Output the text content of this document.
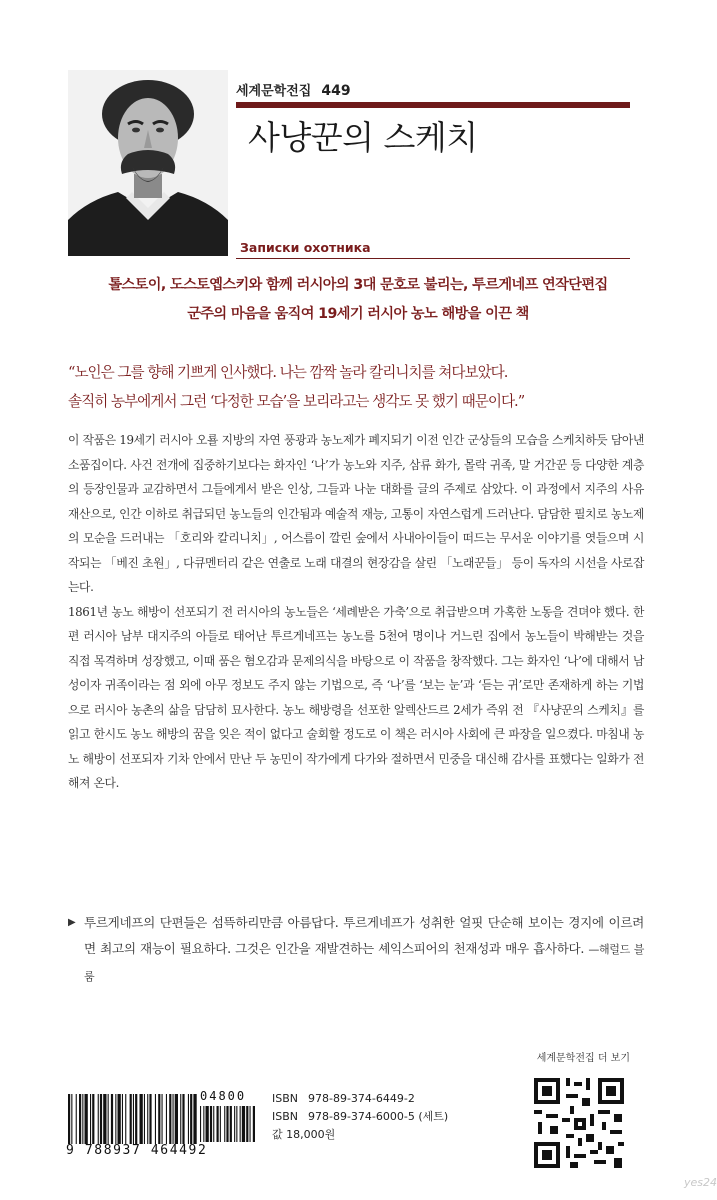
세계문학전집 449
사냥꾼의 스케치
Записки охотника
톨스토이, 도스토옙스키와 함께 러시아의 3대 문호로 불리는, 투르게네프 연작단편집
군주의 마음을 움직여 19세기 러시아 농노 해방을 이끈 책
“노인은 그를 향해 기쁘게 인사했다. 나는 깜짝 놀라 칼리니치를 쳐다보았다.
솔직히 농부에게서 그런 ‘다정한 모습’을 보리라고는 생각도 못 했기 때문이다.”

이 작품은 19세기 러시아 오룔 지방의 자연 풍광과 농노제가 폐지되기 이전 인간 군상들의 모습을 스케치하듯 담아낸 소품집이다. 사건 전개에 집중하기보다는 화자인 ‘나’가 농노와 지주, 삼류 화가, 몰락 귀족, 말 거간꾼 등 다양한 계층의 등장인물과 교감하면서 그들에게서 받은 인상, 그들과 나눈 대화를 글의 주제로 삼았다. 이 과정에서 지주의 사유 재산으로, 인간 이하로 취급되던 농노들의 인간됨과 예술적 재능, 고통이 자연스럽게 드러난다. 담담한 필치로 농노제의 모순을 드러내는 「호리와 칼리니치」, 어스름이 깔린 숲에서 사내아이들이 떠드는 무서운 이야기를 엿들으며 시작되는 「베진 초원」, 다큐멘터리 같은 연출로 노래 대결의 현장감을 살린 「노래꾼들」 등이 독자의 시선을 사로잡는다.

1861년 농노 해방이 선포되기 전 러시아의 농노들은 ‘세례받은 가축’으로 취급받으며 가혹한 노동을 견뎌야 했다. 한편 러시아 남부 대지주의 아들로 태어난 투르게네프는 농노를 5천여 명이나 거느린 집에서 농노들이 박해받는 것을 직접 목격하며 성장했고, 이때 품은 혐오감과 문제의식을 바탕으로 이 작품을 창작했다. 그는 화자인 ‘나’에 대해서 남성이자 귀족이라는 점 외에 아무 정보도 주지 않는 기법으로, 즉 ‘나’를 ‘보는 눈’과 ‘듣는 귀’로만 존재하게 하는 기법으로 러시아 농촌의 삶을 담담히 묘사한다. 농노 해방령을 선포한 알렉산드르 2세가 즉위 전 『사냥꾼의 스케치』를 읽고 한시도 농노 해방의 꿈을 잊은 적이 없다고 술회할 정도로 이 책은 러시아 사회에 큰 파장을 일으켰다. 마침내 농노 해방이 선포되자 기차 안에서 만난 두 농민이 작가에게 다가와 절하면서 민중을 대신해 감사를 표했다는 일화가 전해져 온다.

▶ 투르게네프의 단편들은 섬뜩하리만큼 아름답다. 투르게네프가 성취한 얼핏 단순해 보이는 경지에 이르려면 최고의 재능이 필요하다. 그것은 인간을 재발견하는 셰익스피어의 천재성과 매우 흡사하다. —해럴드 블룸
세계문학전집 더 보기
04800
9 788937 464492
ISBN 978-89-374-6449-2
ISBN 978-89-374-6000-5 (세트)
값 18,000원
yes24
